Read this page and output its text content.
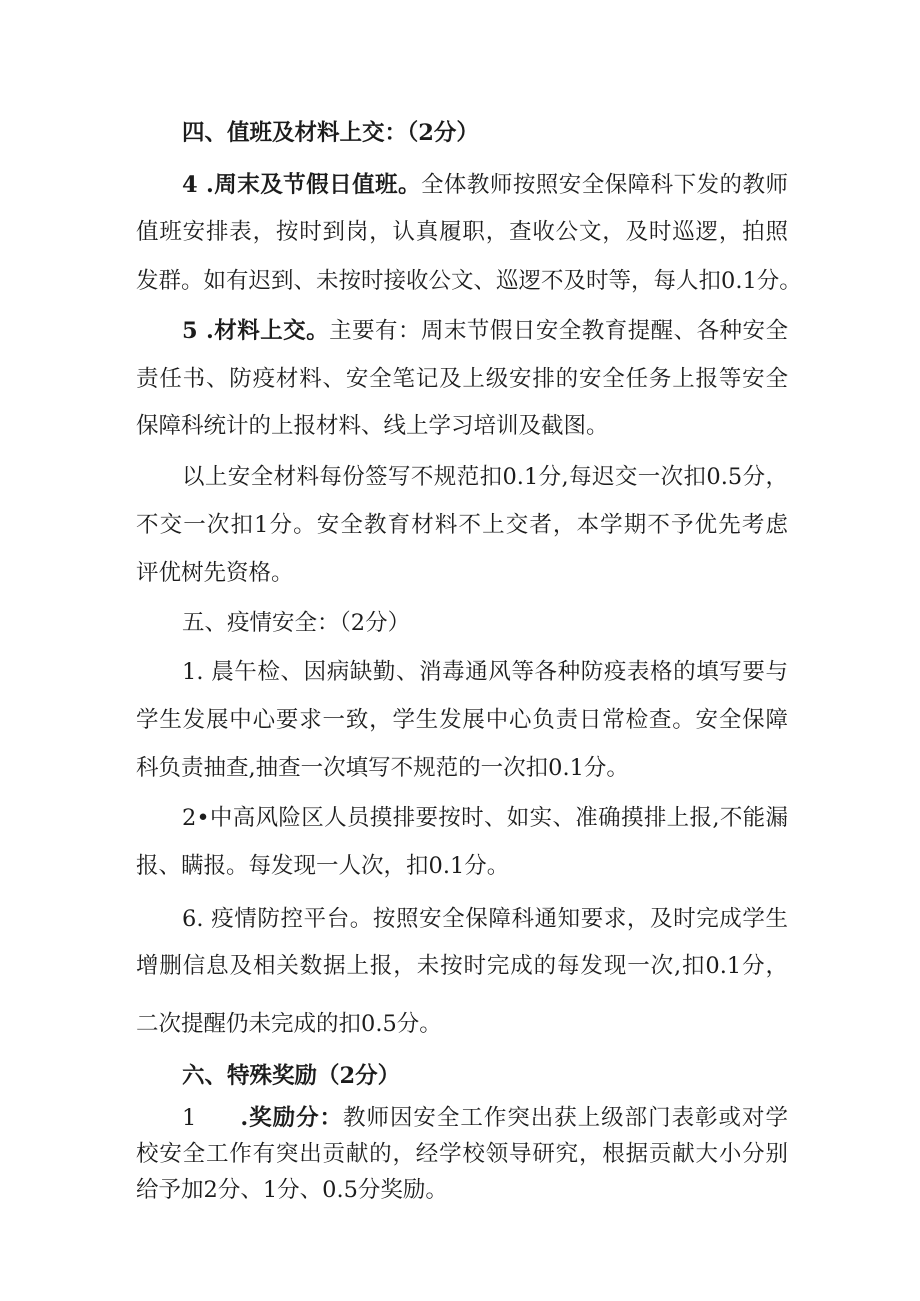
四、值班及材料上交：（2分）
4 .周末及节假日值班。全体教师按照安全保障科下发的教师
值班安排表，按时到岗，认真履职，查收公文，及时巡逻，拍照
发群。如有迟到、未按时接收公文、巡逻不及时等，每人扣0.1分。
5 .材料上交。主要有：周末节假日安全教育提醒、各种安全
责任书、防疫材料、安全笔记及上级安排的安全任务上报等安全
保障科统计的上报材料、线上学习培训及截图。
以上安全材料每份签写不规范扣0.1分,每迟交一次扣0.5分，
不交一次扣1分。安全教育材料不上交者，本学期不予优先考虑
评优树先资格。
五、疫情安全：（2分）
1. 晨午检、因病缺勤、消毒通风等各种防疫表格的填写要与
学生发展中心要求一致，学生发展中心负责日常检查。安全保障
科负责抽查,抽查一次填写不规范的一次扣0.1分。
2•中高风险区人员摸排要按时、如实、准确摸排上报,不能漏
报、瞒报。每发现一人次，扣0.1分。
6. 疫情防控平台。按照安全保障科通知要求，及时完成学生
增删信息及相关数据上报，未按时完成的每发现一次,扣0.1分，
二次提醒仍未完成的扣0.5分。
六、特殊奖励（2分）
1 .奖励分：教师因安全工作突出获上级部门表彰或对学
校安全工作有突出贡献的，经学校领导研究，根据贡献大小分别
给予加2分、1分、0.5分奖励。
